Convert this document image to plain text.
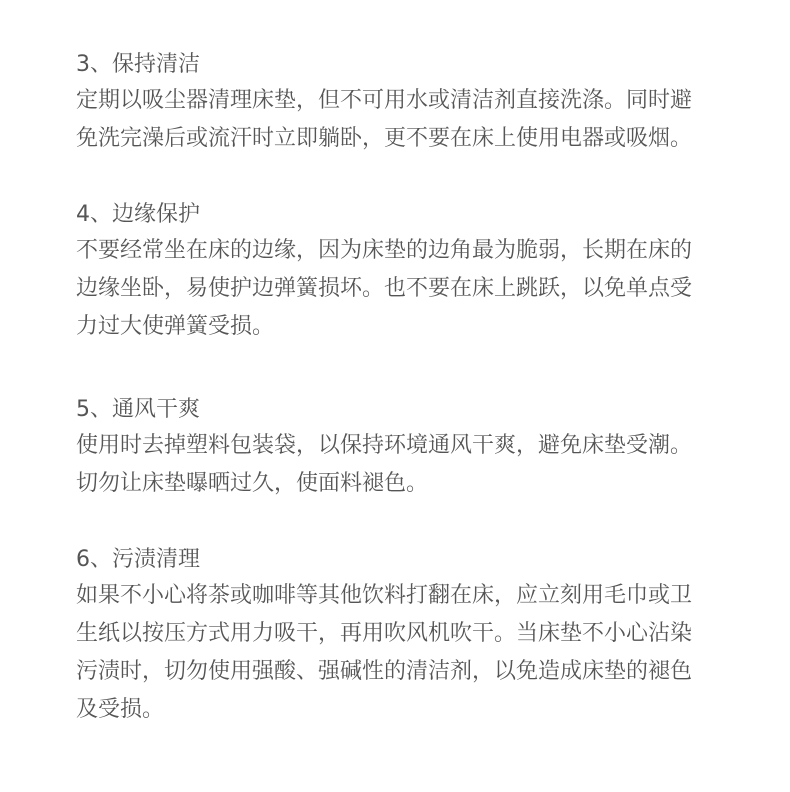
3、保持清洁
定期以吸尘器清理床垫，但不可用水或清洁剂直接洗涤。同时避
免洗完澡后或流汗时立即躺卧，更不要在床上使用电器或吸烟。
4、边缘保护
不要经常坐在床的边缘，因为床垫的边角最为脆弱，长期在床的
边缘坐卧，易使护边弹簧损坏。也不要在床上跳跃，以免单点受
力过大使弹簧受损。
5、通风干爽
使用时去掉塑料包装袋，以保持环境通风干爽，避免床垫受潮。
切勿让床垫曝晒过久，使面料褪色。
6、污渍清理
如果不小心将茶或咖啡等其他饮料打翻在床，应立刻用毛巾或卫
生纸以按压方式用力吸干，再用吹风机吹干。当床垫不小心沾染
污渍时，切勿使用强酸、强碱性的清洁剂，以免造成床垫的褪色
及受损。
